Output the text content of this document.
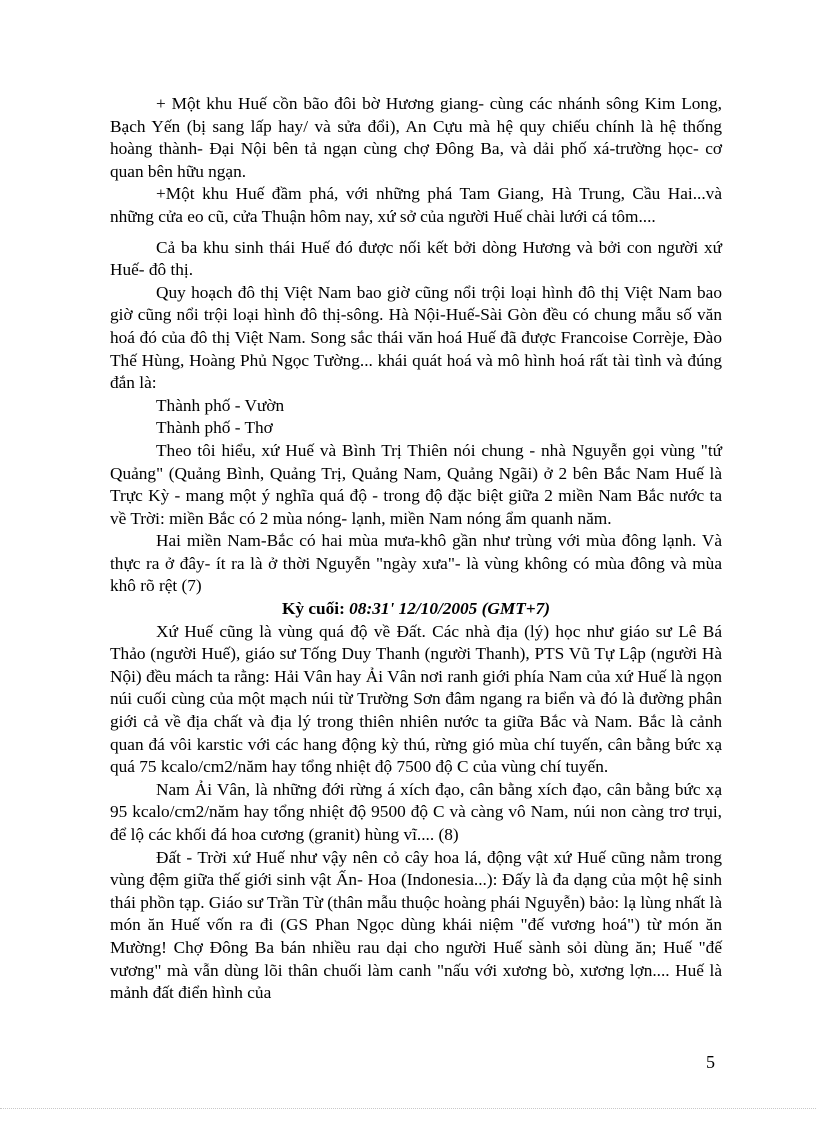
+ Một khu Huế cồn bão đôi bờ Hương giang- cùng các nhánh sông Kim Long, Bạch Yến (bị sang lấp hay/ và sửa đổi), An Cựu mà hệ quy chiếu chính là hệ thống hoàng thành- Đại Nội bên tả ngạn cùng chợ Đông Ba, và dải phố xá-trường học- cơ quan bên hữu ngạn.

+Một khu Huế đầm phá, với những phá Tam Giang, Hà Trung, Cầu Hai...và những cửa eo cũ, cửa Thuận hôm nay, xứ sở của người Huế chài lưới cá tôm....

Cả ba khu sinh thái Huế đó được nối kết bởi dòng Hương và bởi con người xứ Huế- đô thị.

Quy hoạch đô thị Việt Nam bao giờ cũng nổi trội loại hình đô thị Việt Nam bao giờ cũng nổi trội loại hình đô thị-sông. Hà Nội-Huế-Sài Gòn đều có chung mẫu số văn hoá đó của đô thị Việt Nam. Song sắc thái văn hoá Huế đã được Francoise Corrèje, Đào Thế Hùng, Hoàng Phủ Ngọc Tường... khái quát hoá và mô hình hoá rất tài tình và đúng đắn là:

Thành phố - Vườn

Thành phố - Thơ

Theo tôi hiểu, xứ Huế và Bình Trị Thiên nói chung - nhà Nguyễn gọi vùng "tứ Quảng" (Quảng Bình, Quảng Trị, Quảng Nam, Quảng Ngãi) ở 2 bên Bắc Nam Huế là Trực Kỳ - mang một ý nghĩa quá độ - trong độ đặc biệt giữa 2 miền Nam Bắc nước ta về Trời: miền Bắc có 2 mùa nóng- lạnh, miền Nam nóng ẩm quanh năm.

Hai miền Nam-Bắc có hai mùa mưa-khô gần như trùng với mùa đông lạnh. Và thực ra ở đây- ít ra là ở thời Nguyễn "ngày xưa"- là vùng không có mùa đông và mùa khô rõ rệt (7)

Kỳ cuối: 08:31' 12/10/2005 (GMT+7)

Xứ Huế cũng là vùng quá độ về Đất. Các nhà địa (lý) học như giáo sư Lê Bá Thảo (người Huế), giáo sư Tống Duy Thanh (người Thanh), PTS Vũ Tự Lập (người Hà Nội) đều mách ta rằng: Hải Vân hay Ải Vân nơi ranh giới phía Nam của xứ Huế là ngọn núi cuối cùng của một mạch núi từ Trường Sơn đâm ngang ra biển và đó là đường phân giới cả về địa chất và địa lý trong thiên nhiên nước ta giữa Bắc và Nam. Bắc là cảnh quan đá vôi karstic với các hang động kỳ thú, rừng gió mùa chí tuyến, cân bằng bức xạ quá 75 kcalo/cm2/năm hay tổng nhiệt độ 7500 độ C của vùng chí tuyến.

Nam Ải Vân, là những đới rừng á xích đạo, cân bằng xích đạo, cân bằng bức xạ 95 kcalo/cm2/năm hay tổng nhiệt độ 9500 độ C và càng vô Nam, núi non càng trơ trụi, để lộ các khối đá hoa cương (granit) hùng vĩ.... (8)

Đất - Trời xứ Huế như vậy nên cỏ cây hoa lá, động vật xứ Huế cũng nằm trong vùng đệm giữa thế giới sinh vật Ấn- Hoa (Indonesia...): Đấy là đa dạng của một hệ sinh thái phồn tạp. Giáo sư Trần Từ (thân mẫu thuộc hoàng phái Nguyễn) bảo: lạ lùng nhất là món ăn Huế vốn ra đi (GS Phan Ngọc dùng khái niệm "đế vương hoá") từ món ăn Mường! Chợ Đông Ba bán nhiều rau dại cho người Huế sành sỏi dùng ăn; Huế "đế vương" mà vẫn dùng lõi thân chuối làm canh "nấu với xương bò, xương lợn.... Huế là mảnh đất điển hình của

5
